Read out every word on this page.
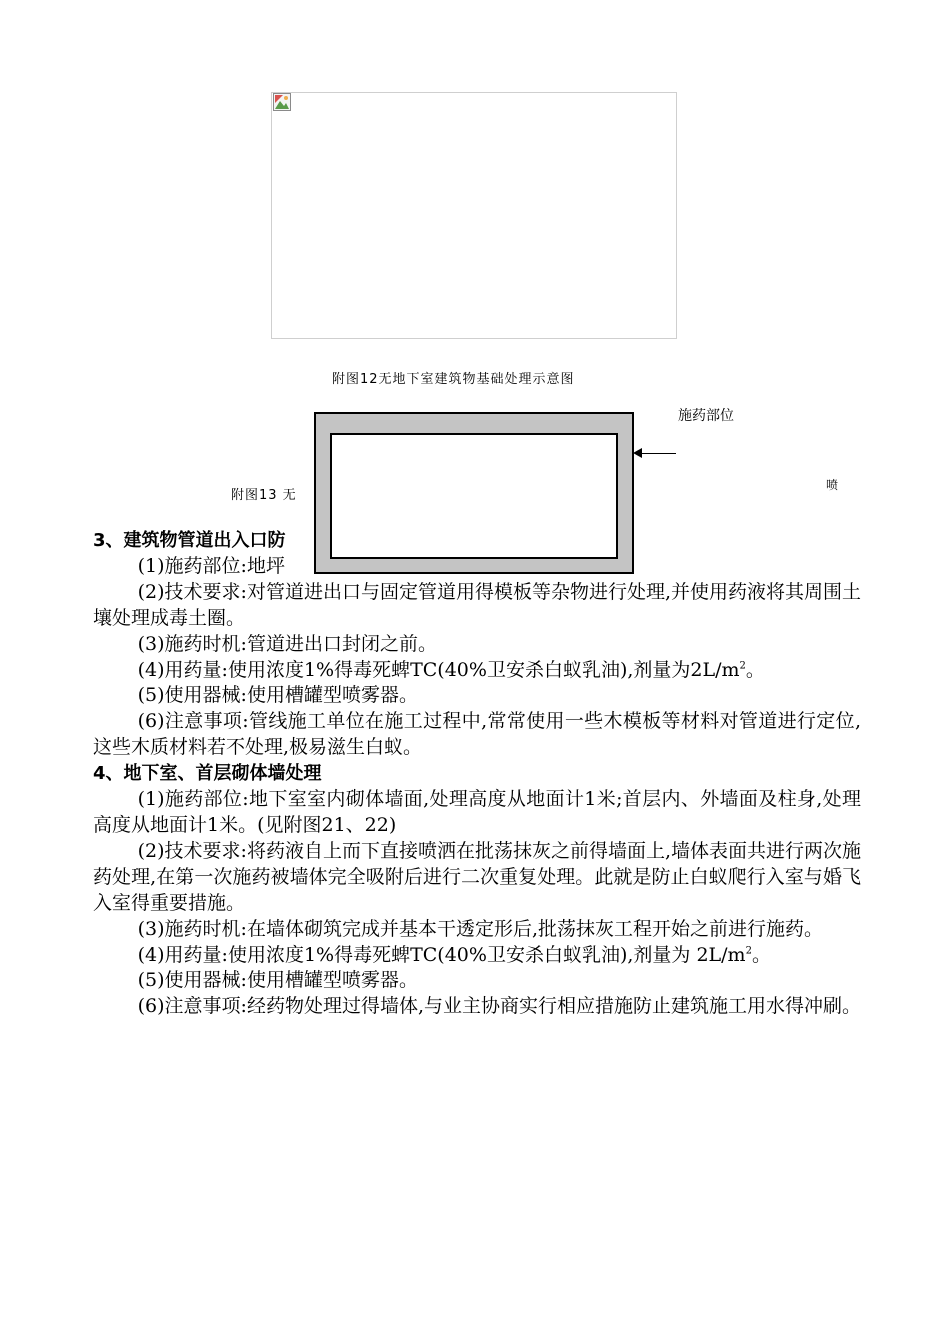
附图12无地下室建筑物基础处理示意图
附图13 无
施药部位
喷

3、建筑物管道出入口防

(1)施药部位:地坪

(2)技术要求:对管道进出口与固定管道用得模板等杂物进行处理,并使用药液将其周围土壤处理成毒土圈。

(3)施药时机:管道进出口封闭之前。

(4)用药量:使用浓度1%得毒死蜱TC(40%卫安杀白蚁乳油),剂量为$2L/m^2$。

(5)使用器械:使用槽罐型喷雾器。

(6)注意事项:管线施工单位在施工过程中,常常使用一些木模板等材料对管道进行定位,这些木质材料若不处理,极易滋生白蚁。

4、地下室、首层砌体墙处理

(1)施药部位:地下室室内砌体墙面,处理高度从地面计1米;首层内、外墙面及柱身,处理高度从地面计1米。(见附图21、22)

(2)技术要求:将药液自上而下直接喷洒在批荡抹灰之前得墙面上,墙体表面共进行两次施药处理,在第一次施药被墙体完全吸附后进行二次重复处理。此就是防止白蚁爬行入室与婚飞入室得重要措施。

(3)施药时机:在墙体砌筑完成并基本干透定形后,批荡抹灰工程开始之前进行施药。

(4)用药量:使用浓度1%得毒死蜱TC(40%卫安杀白蚁乳油),剂量为 $2L/m^2$。

(5)使用器械:使用槽罐型喷雾器。

(6)注意事项:经药物处理过得墙体,与业主协商实行相应措施防止建筑施工用水得冲刷。
